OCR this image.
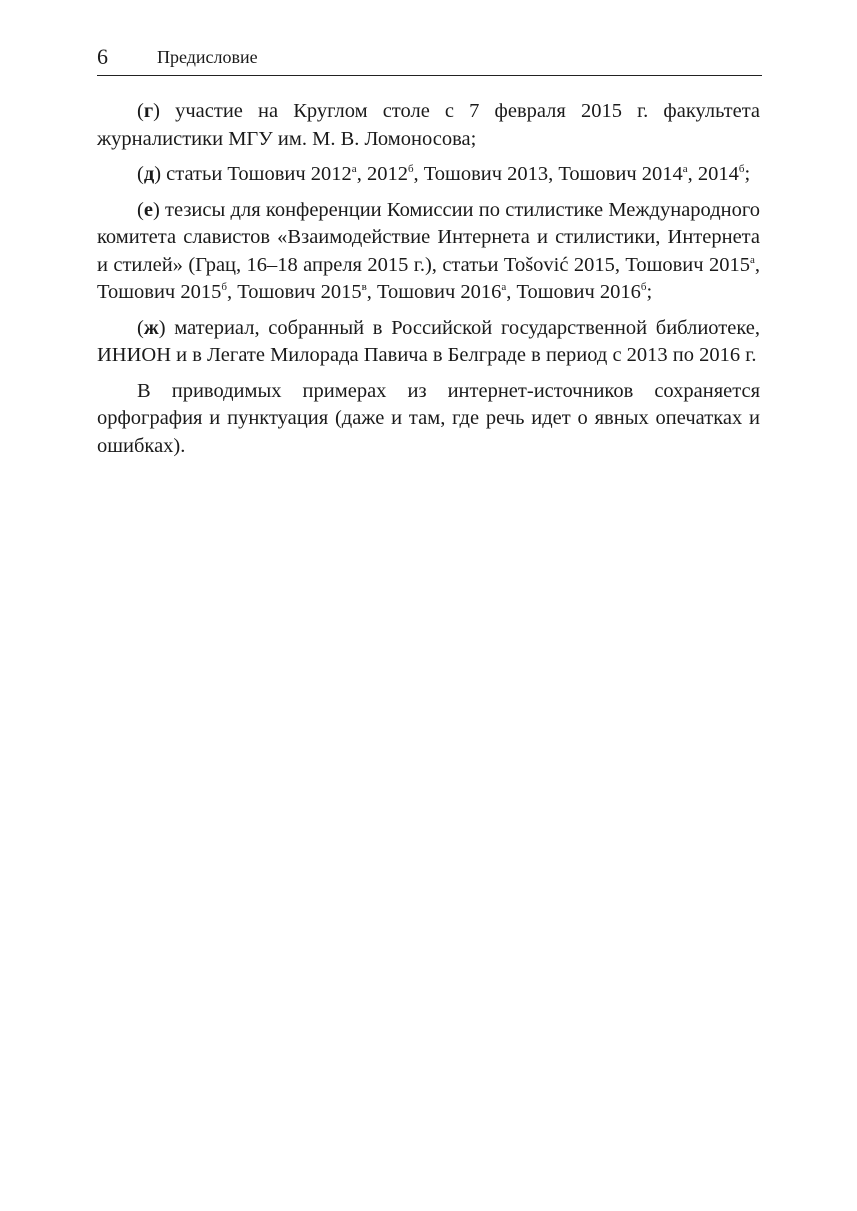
6	Предисловие

(г) участие на Круглом столе с 7 февраля 2015 г. факультета журналистики МГУ им. М. В. Ломоносова;

(д) статьи Тошович $2012^а$, $2012^б$, Тошович 2013, Тошович $2014^а$, $2014^б$;

(е) тезисы для конференции Комиссии по стилистике Международного комитета славистов «Взаимодействие Интернета и стилистики, Интернета и стилей» (Грац, 16–18 апреля 2015 г.), статьи Tošović 2015, Тошович $2015^а$, Тошович $2015^б$, Тошович $2015^в$, Тошович $2016^а$, Тошович $2016^б$;

(ж) материал, собранный в Российской государственной библиотеке, ИНИОН и в Легате Милорада Павича в Белграде в период с 2013 по 2016 г.

В приводимых примерах из интернет-источников сохраняется орфография и пунктуация (даже и там, где речь идет о явных опечатках и ошибках).
